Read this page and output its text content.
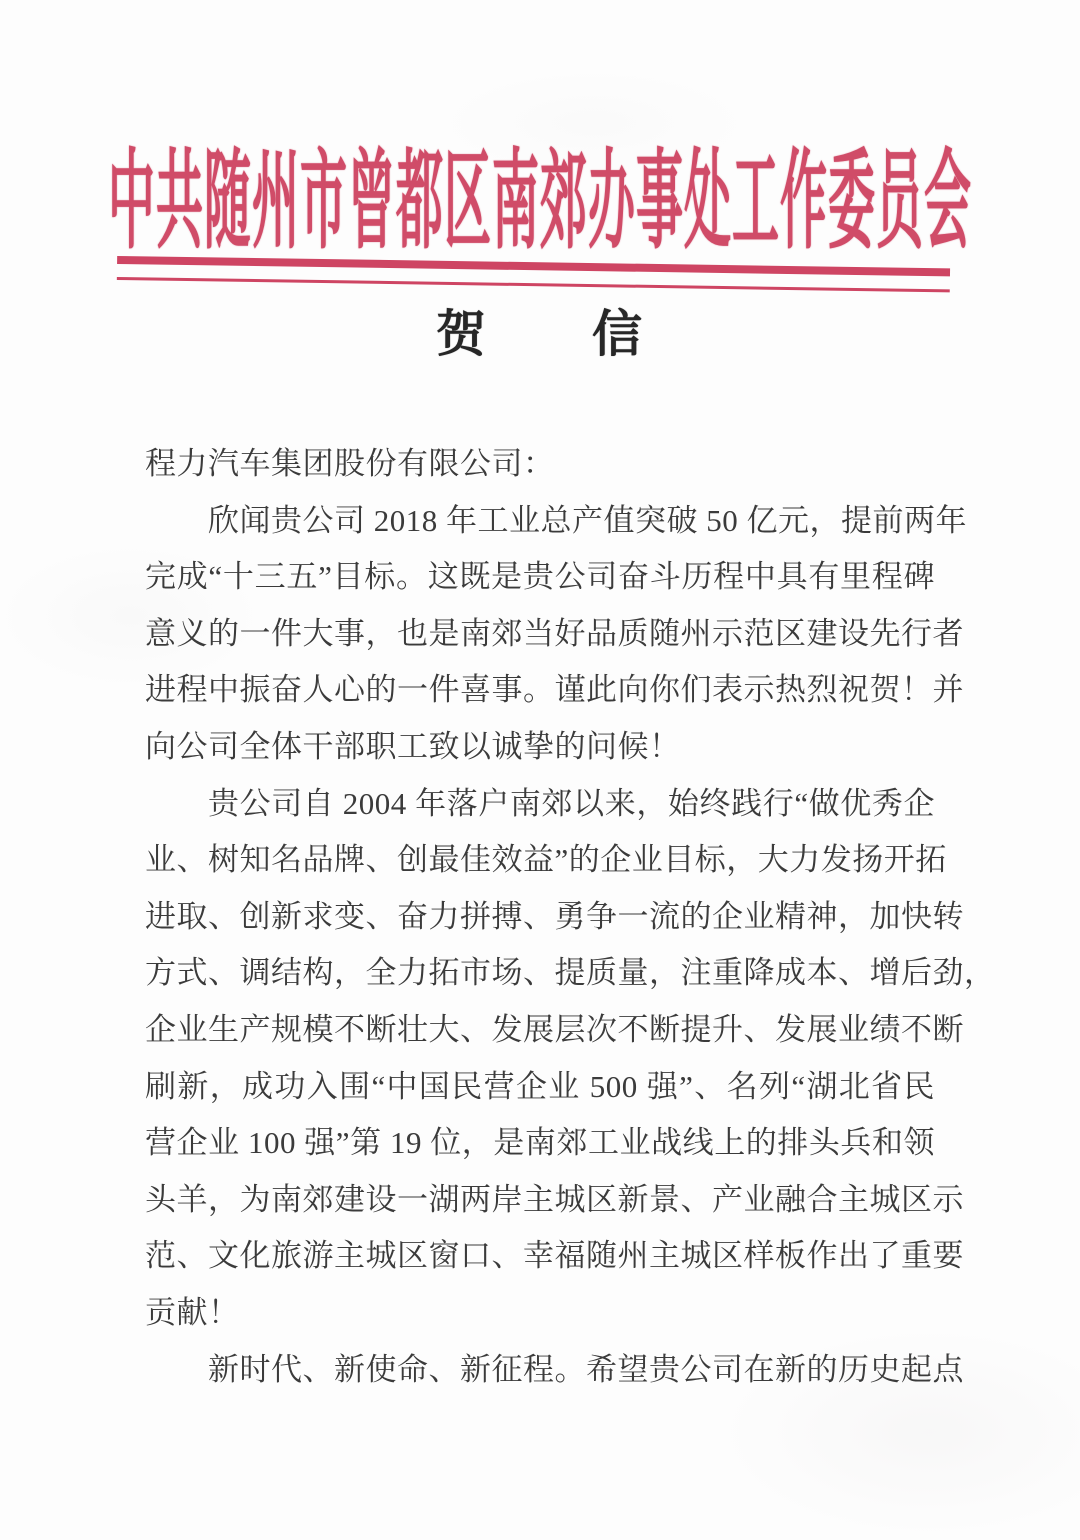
中共随州市曾都区南郊办事处工作委员会
贺　　信
程力汽车集团股份有限公司：
欣闻贵公司 2018 年工业总产值突破 50 亿元，提前两年
完成“十三五”目标。这既是贵公司奋斗历程中具有里程碑
意义的一件大事，也是南郊当好品质随州示范区建设先行者
进程中振奋人心的一件喜事。谨此向你们表示热烈祝贺！并
向公司全体干部职工致以诚挚的问候！
贵公司自 2004 年落户南郊以来，始终践行“做优秀企
业、树知名品牌、创最佳效益”的企业目标，大力发扬开拓
进取、创新求变、奋力拼搏、勇争一流的企业精神，加快转
方式、调结构，全力拓市场、提质量，注重降成本、增后劲，
企业生产规模不断壮大、发展层次不断提升、发展业绩不断
刷新，成功入围“中国民营企业 500 强”、名列“湖北省民
营企业 100 强”第 19 位，是南郊工业战线上的排头兵和领
头羊，为南郊建设一湖两岸主城区新景、产业融合主城区示
范、文化旅游主城区窗口、幸福随州主城区样板作出了重要
贡献！
新时代、新使命、新征程。希望贵公司在新的历史起点
